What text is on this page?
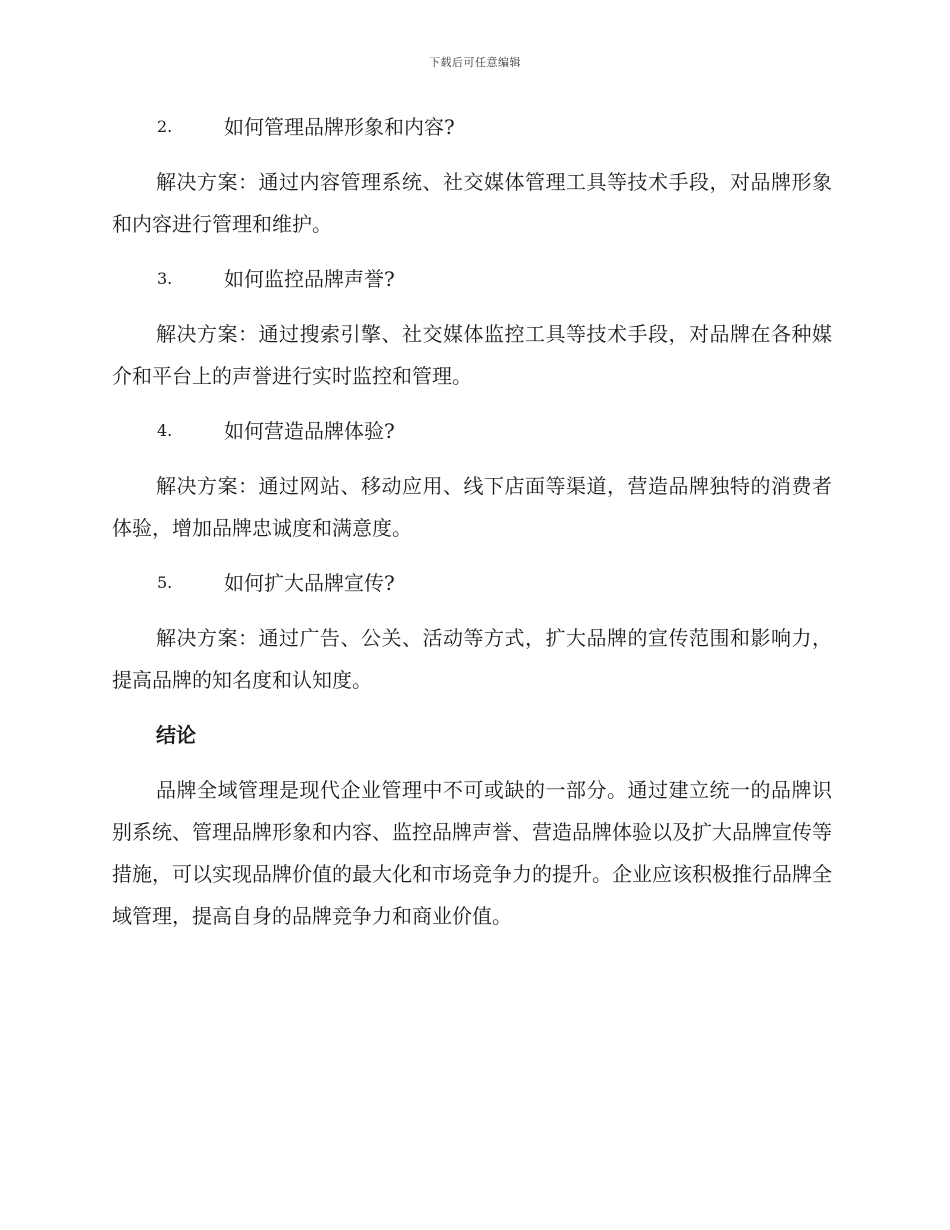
下载后可任意编辑
2.	如何管理品牌形象和内容?

解决方案：通过内容管理系统、社交媒体管理工具等技术手段，对品牌形象和内容进行管理和维护。

3.	如何监控品牌声誉?

解决方案：通过搜索引擎、社交媒体监控工具等技术手段，对品牌在各种媒介和平台上的声誉进行实时监控和管理。

4.	如何营造品牌体验?

解决方案：通过网站、移动应用、线下店面等渠道，营造品牌独特的消费者体验，增加品牌忠诚度和满意度。

5.	如何扩大品牌宣传?

解决方案：通过广告、公关、活动等方式，扩大品牌的宣传范围和影响力，提高品牌的知名度和认知度。

结论

品牌全域管理是现代企业管理中不可或缺的一部分。通过建立统一的品牌识别系统、管理品牌形象和内容、监控品牌声誉、营造品牌体验以及扩大品牌宣传等措施，可以实现品牌价值的最大化和市场竞争力的提升。企业应该积极推行品牌全域管理，提高自身的品牌竞争力和商业价值。
